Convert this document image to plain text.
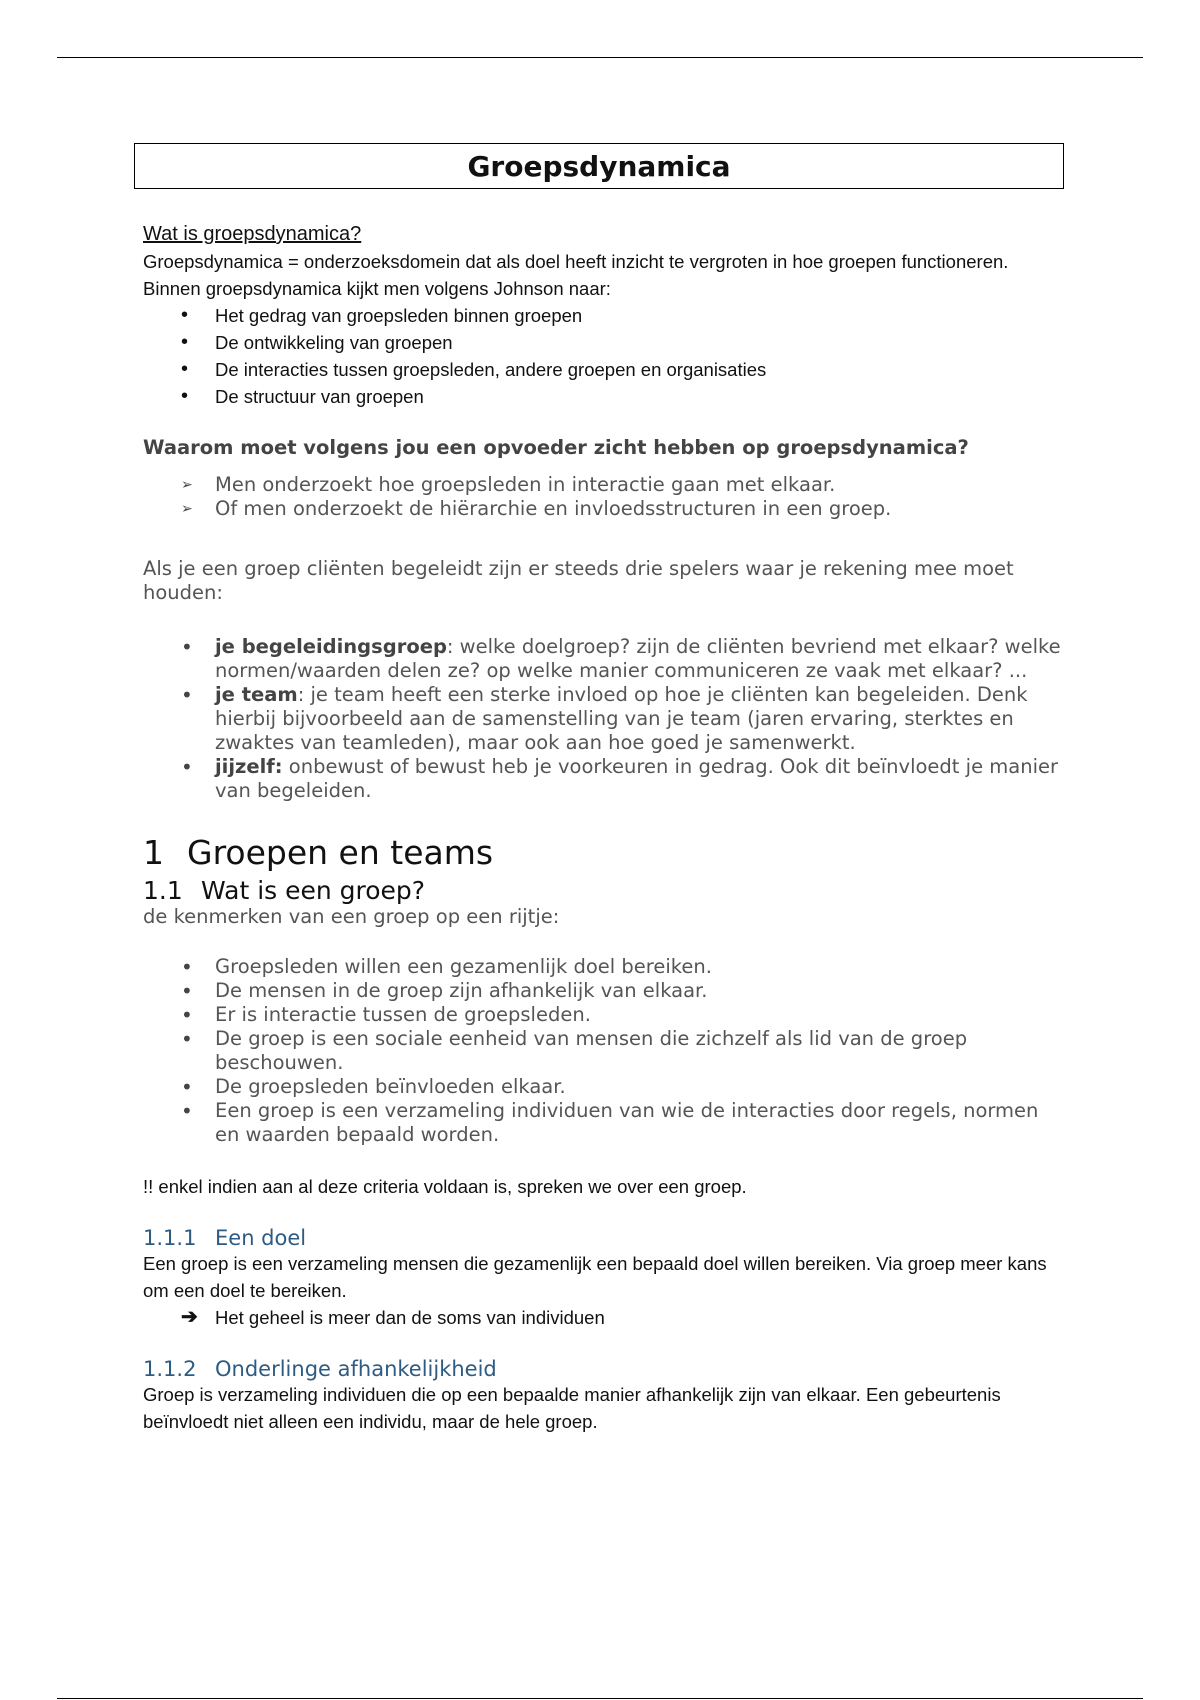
Groepsdynamica

Wat is groepsdynamica?

Groepsdynamica = onderzoeksdomein dat als doel heeft inzicht te vergroten in hoe groepen functioneren. Binnen groepsdynamica kijkt men volgens Johnson naar:

• Het gedrag van groepsleden binnen groepen
• De ontwikkeling van groepen
• De interacties tussen groepsleden, andere groepen en organisaties
• De structuur van groepen

Waarom moet volgens jou een opvoeder zicht hebben op groepsdynamica?

➢ Men onderzoekt hoe groepsleden in interactie gaan met elkaar.
➢ Of men onderzoekt de hiërarchie en invloedsstructuren in een groep.

Als je een groep cliënten begeleidt zijn er steeds drie spelers waar je rekening mee moet houden:

• je begeleidingsgroep: welke doelgroep? zijn de cliënten bevriend met elkaar? welke normen/waarden delen ze? op welke manier communiceren ze vaak met elkaar? ...
• je team: je team heeft een sterke invloed op hoe je cliënten kan begeleiden. Denk hierbij bijvoorbeeld aan de samenstelling van je team (jaren ervaring, sterktes en zwaktes van teamleden), maar ook aan hoe goed je samenwerkt.
• jijzelf: onbewust of bewust heb je voorkeuren in gedrag. Ook dit beïnvloedt je manier van begeleiden.
1 Groepen en teams
1.1 Wat is een groep?

de kenmerken van een groep op een rijtje:

• Groepsleden willen een gezamenlijk doel bereiken.
• De mensen in de groep zijn afhankelijk van elkaar.
• Er is interactie tussen de groepsleden.
• De groep is een sociale eenheid van mensen die zichzelf als lid van de groep beschouwen.
• De groepsleden beïnvloeden elkaar.
• Een groep is een verzameling individuen van wie de interacties door regels, normen en waarden bepaald worden.

!! enkel indien aan al deze criteria voldaan is, spreken we over een groep.

1.1.1 Een doel

Een groep is een verzameling mensen die gezamenlijk een bepaald doel willen bereiken. Via groep meer kans om een doel te bereiken.

➔ Het geheel is meer dan de soms van individuen
1.1.2 Onderlinge afhankelijkheid

Groep is verzameling individuen die op een bepaalde manier afhankelijk zijn van elkaar. Een gebeurtenis beïnvloedt niet alleen een individu, maar de hele groep.
